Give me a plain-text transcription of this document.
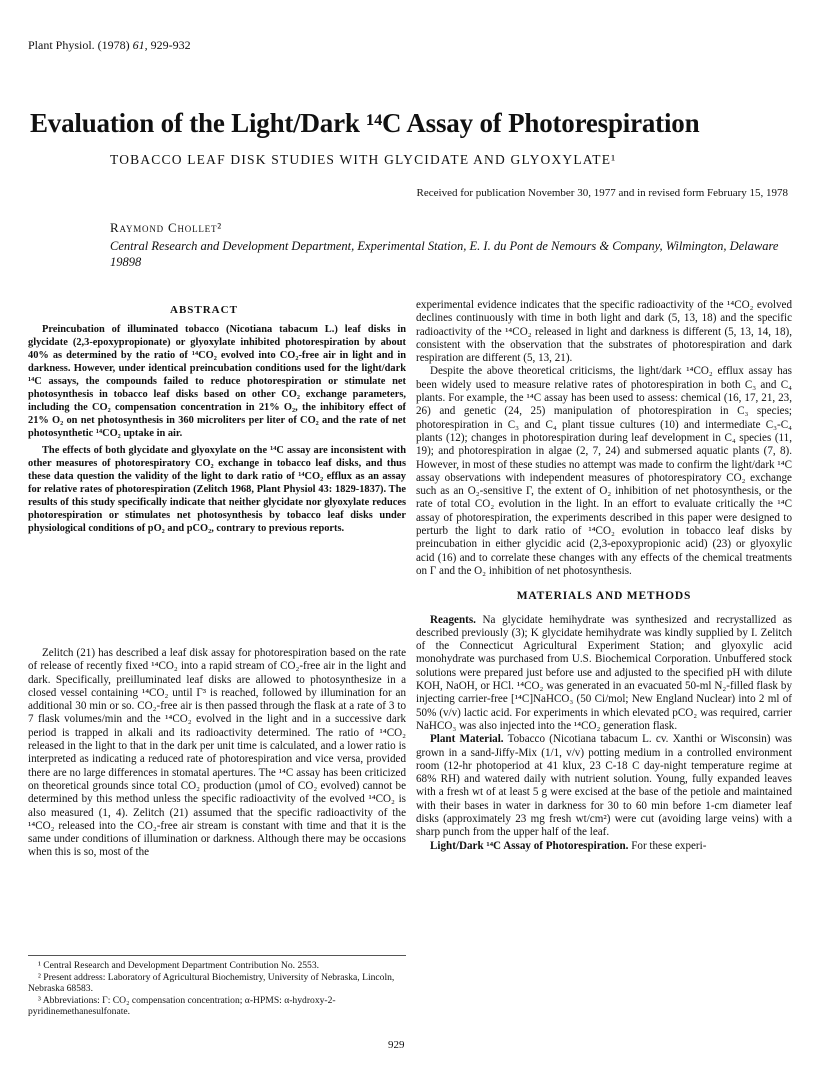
Plant Physiol. (1978) 61, 929-932
Evaluation of the Light/Dark ¹⁴C Assay of Photorespiration
TOBACCO LEAF DISK STUDIES WITH GLYCIDATE AND GLYOXYLATE¹
Received for publication November 30, 1977 and in revised form February 15, 1978
Raymond Chollet²
Central Research and Development Department, Experimental Station, E. I. du Pont de Nemours & Company, Wilmington, Delaware 19898
ABSTRACT

Preincubation of illuminated tobacco (Nicotiana tabacum L.) leaf disks in glycidate (2,3-epoxypropionate) or glyoxylate inhibited photorespiration by about 40% as determined by the ratio of ¹⁴CO₂ evolved into CO₂-free air in light and in darkness. However, under identical preincubation conditions used for the light/dark ¹⁴C assays, the compounds failed to reduce photorespiration or stimulate net photosynthesis in tobacco leaf disks based on other CO₂ exchange parameters, including the CO₂ compensation concentration in 21% O₂, the inhibitory effect of 21% O₂ on net photosynthesis in 360 microliters per liter of CO₂ and the rate of net photosynthetic ¹⁴CO₂ uptake in air.

The effects of both glycidate and glyoxylate on the ¹⁴C assay are inconsistent with other measures of photorespiratory CO₂ exchange in tobacco leaf disks, and thus these data question the validity of the light to dark ratio of ¹⁴CO₂ efflux as an assay for relative rates of photorespiration (Zelitch 1968, Plant Physiol 43: 1829-1837). The results of this study specifically indicate that neither glycidate nor glyoxylate reduces photorespiration or stimulates net photosynthesis by tobacco leaf disks under physiological conditions of pO₂ and pCO₂, contrary to previous reports.

Zelitch (21) has described a leaf disk assay for photorespiration based on the rate of release of recently fixed ¹⁴CO₂ into a rapid stream of CO₂-free air in the light and dark. Specifically, preilluminated leaf disks are allowed to photosynthesize in a closed vessel containing ¹⁴CO₂ until Γ³ is reached, followed by illumination for an additional 30 min or so. CO₂-free air is then passed through the flask at a rate of 3 to 7 flask volumes/min and the ¹⁴CO₂ evolved in the light and in a successive dark period is trapped in alkali and its radioactivity determined. The ratio of ¹⁴CO₂ released in the light to that in the dark per unit time is calculated, and a lower ratio is interpreted as indicating a reduced rate of photorespiration and vice versa, provided there are no large differences in stomatal apertures. The ¹⁴C assay has been criticized on theoretical grounds since total CO₂ production (µmol of CO₂ evolved) cannot be determined by this method unless the specific radioactivity of the evolved ¹⁴CO₂ is also measured (1, 4). Zelitch (21) assumed that the specific radioactivity of the ¹⁴CO₂ released into the CO₂-free air stream is constant with time and that it is the same under conditions of illumination or darkness. Although there may be occasions when this is so, most of the

¹ Central Research and Development Department Contribution No. 2553.

² Present address: Laboratory of Agricultural Biochemistry, University of Nebraska, Lincoln, Nebraska 68583.

³ Abbreviations: Γ: CO₂ compensation concentration; α-HPMS: α-hydroxy-2-pyridinemethanesulfonate.

experimental evidence indicates that the specific radioactivity of the ¹⁴CO₂ evolved declines continuously with time in both light and dark (5, 13, 18) and the specific radioactivity of the ¹⁴CO₂ released in light and darkness is different (5, 13, 14, 18), consistent with the observation that the substrates of photorespiration and dark respiration are different (5, 13, 21).

Despite the above theoretical criticisms, the light/dark ¹⁴CO₂ efflux assay has been widely used to measure relative rates of photorespiration in both C₃ and C₄ plants. For example, the ¹⁴C assay has been used to assess: chemical (16, 17, 21, 23, 26) and genetic (24, 25) manipulation of photorespiration in C₃ species; photorespiration in C₃ and C₄ plant tissue cultures (10) and intermediate C₃-C₄ plants (12); changes in photorespiration during leaf development in C₄ species (11, 19); and photorespiration in algae (2, 7, 24) and submersed aquatic plants (7, 8). However, in most of these studies no attempt was made to confirm the light/dark ¹⁴C assay observations with independent measures of photorespiratory CO₂ exchange such as an O₂-sensitive Γ, the extent of O₂ inhibition of net photosynthesis, or the rate of total CO₂ evolution in the light. In an effort to evaluate critically the ¹⁴C assay of photorespiration, the experiments described in this paper were designed to perturb the light to dark ratio of ¹⁴CO₂ evolution in tobacco leaf disks by preincubation in either glycidic acid (2,3-epoxypropionic acid) (23) or glyoxylic acid (16) and to correlate these changes with any effects of the chemical treatments on Γ and the O₂ inhibition of net photosynthesis.

MATERIALS AND METHODS

Reagents. Na glycidate hemihydrate was synthesized and recrystallized as described previously (3); K glycidate hemihydrate was kindly supplied by I. Zelitch of the Connecticut Agricultural Experiment Station; and glyoxylic acid monohydrate was purchased from U.S. Biochemical Corporation. Unbuffered stock solutions were prepared just before use and adjusted to the specified pH with dilute KOH, NaOH, or HCl. ¹⁴CO₂ was generated in an evacuated 50-ml N₂-filled flask by injecting carrier-free [¹⁴C]NaHCO₃ (50 Ci/mol; New England Nuclear) into 2 ml of 50% (v/v) lactic acid. For experiments in which elevated pCO₂ was required, carrier NaHCO₃ was also injected into the ¹⁴CO₂ generation flask.

Plant Material. Tobacco (Nicotiana tabacum L. cv. Xanthi or Wisconsin) was grown in a sand-Jiffy-Mix (1/1, v/v) potting medium in a controlled environment room (12-hr photoperiod at 41 klux, 23 C-18 C day-night temperature regime at 68% RH) and watered daily with nutrient solution. Young, fully expanded leaves with a fresh wt of at least 5 g were excised at the base of the petiole and maintained with their bases in water in darkness for 30 to 60 min before 1-cm diameter leaf disks (approximately 23 mg fresh wt/cm²) were cut (avoiding large veins) with a sharp punch from the upper half of the leaf.

Light/Dark ¹⁴C Assay of Photorespiration. For these experi-

929
